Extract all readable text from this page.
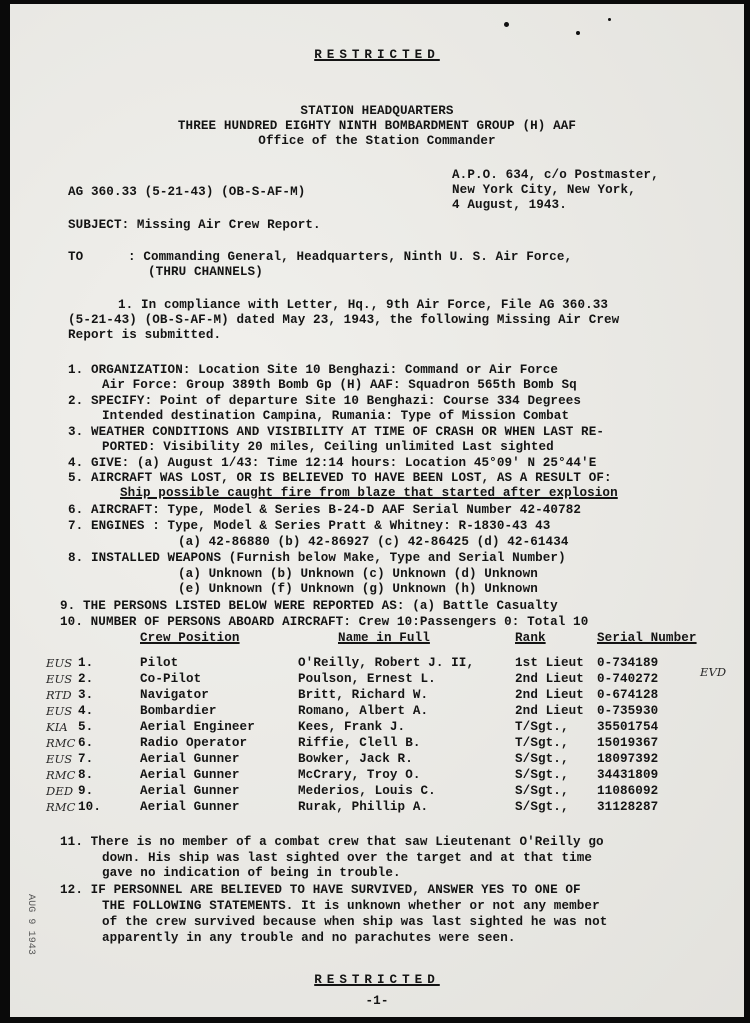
RESTRICTED
STATION HEADQUARTERS
THREE HUNDRED EIGHTY NINTH BOMBARDMENT GROUP (H) AAF
Office of the Station Commander
A.P.O. 634, c/o Postmaster,
New York City, New York,
4 August, 1943.
AG 360.33 (5-21-43) (OB-S-AF-M)
SUBJECT: Missing Air Crew Report.
TO	: Commanding General, Headquarters, Ninth U. S. Air Force,
(THRU CHANNELS)
1. In compliance with Letter, Hq., 9th Air Force, File AG 360.33
(5-21-43) (OB-S-AF-M) dated May 23, 1943, the following Missing Air Crew
Report is submitted.
1. ORGANIZATION: Location Site 10 Benghazi: Command or Air Force
Air Force: Group 389th Bomb Gp (H) AAF: Squadron 565th Bomb Sq
2. SPECIFY: Point of departure Site 10 Benghazi: Course 334 Degrees
Intended destination Campina, Rumania: Type of Mission Combat
3. WEATHER CONDITIONS AND VISIBILITY AT TIME OF CRASH OR WHEN LAST RE-
PORTED: Visibility 20 miles, Ceiling unlimited Last sighted
4. GIVE: (a) August 1/43: Time 12:14 hours: Location 45°09' N 25°44'E
5. AIRCRAFT WAS LOST, OR IS BELIEVED TO HAVE BEEN LOST, AS A RESULT OF:
Ship possible caught fire from blaze that started after explosion
6. AIRCRAFT: Type, Model & Series B-24-D AAF Serial Number 42-40782
7. ENGINES : Type, Model & Series Pratt & Whitney: R-1830-43 43
(a) 42-86880 (b) 42-86927 (c) 42-86425 (d) 42-61434
8. INSTALLED WEAPONS (Furnish below Make, Type and Serial Number)
(a) Unknown (b) Unknown (c) Unknown (d) Unknown
(e) Unknown (f) Unknown (g) Unknown (h) Unknown
9. THE PERSONS LISTED BELOW WERE REPORTED AS: (a) Battle Casualty
10. NUMBER OF PERSONS ABOARD AIRCRAFT: Crew 10:Passengers 0: Total 10
Crew Position	Name in Full	Rank	Serial Number
EUS 1.	Pilot	O'Reilly, Robert J. II,	1st Lieut 0-734189
EUS 2.	Co-Pilot	Poulson, Ernest L.	2nd Lieut 0-740272
RTD 3.	Navigator	Britt, Richard W.	2nd Lieut 0-674128
EUS 4.	Bombardier	Romano, Albert A.	2nd Lieut 0-735930
KIA 5.	Aerial Engineer	Kees, Frank J.	T/Sgt., 35501754
RMC 6.	Radio Operator	Riffie, Clell B.	T/Sgt., 15019367
EUS 7.	Aerial Gunner	Bowker, Jack R.	S/Sgt., 18097392
RMC 8.	Aerial Gunner	McCrary, Troy O.	S/Sgt., 34431809
DED 9.	Aerial Gunner	Mederios, Louis C.	S/Sgt., 11086092
RMC 10.	Aerial Gunner	Rurak, Phillip A.	S/Sgt., 31128287
EVD
11. There is no member of a combat crew that saw Lieutenant O'Reilly go
down. His ship was last sighted over the target and at that time
gave no indication of being in trouble.
12. IF PERSONNEL ARE BELIEVED TO HAVE SURVIVED, ANSWER YES TO ONE OF
THE FOLLOWING STATEMENTS. It is unknown whether or not any member
of the crew survived because when ship was last sighted he was not
apparently in any trouble and no parachutes were seen.
AUG 9 1943
RESTRICTED
-1-
